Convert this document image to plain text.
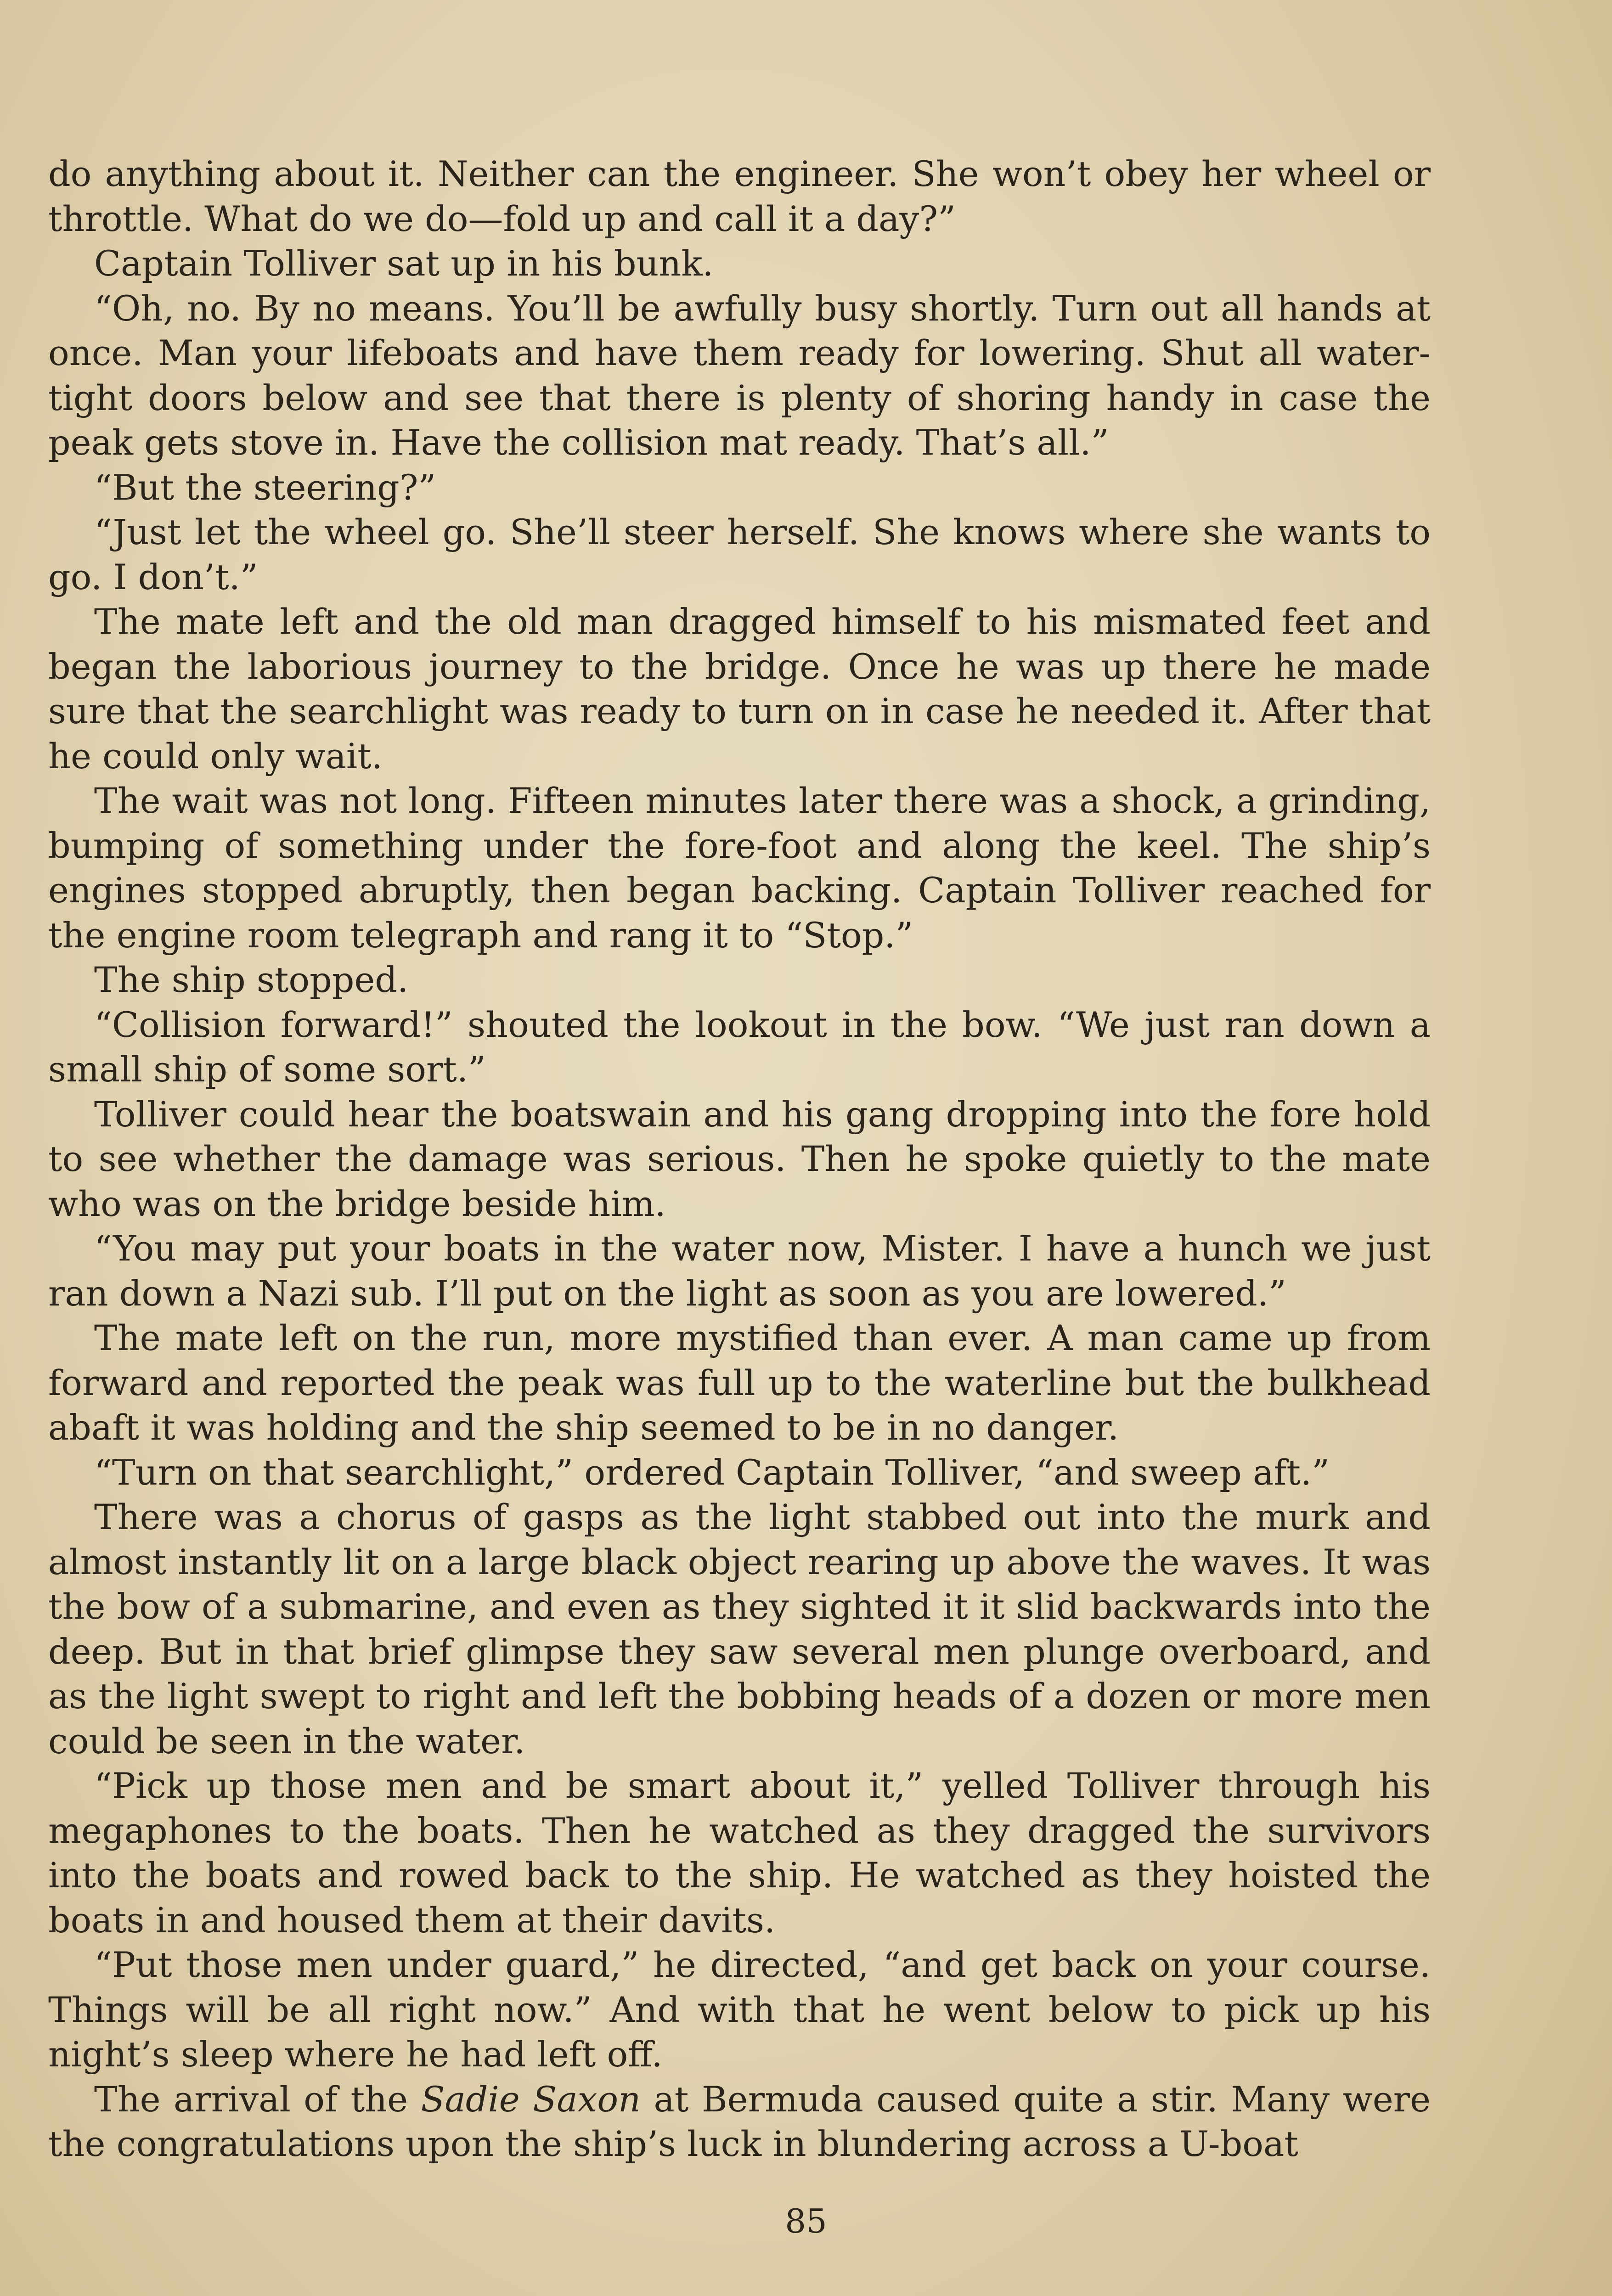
do anything about it. Neither can the engineer. She won’t obey her wheel or throttle. What do we do—fold up and call it a day?”

Captain Tolliver sat up in his bunk.

“Oh, no. By no means. You’ll be awfully busy shortly. Turn out all hands at once. Man your lifeboats and have them ready for lowering. Shut all water-tight doors below and see that there is plenty of shoring handy in case the peak gets stove in. Have the collision mat ready. That’s all.”

“But the steering?”

“Just let the wheel go. She’ll steer herself. She knows where she wants to go. I don’t.”

The mate left and the old man dragged himself to his mismated feet and began the laborious journey to the bridge. Once he was up there he made sure that the searchlight was ready to turn on in case he needed it. After that he could only wait.

The wait was not long. Fifteen minutes later there was a shock, a grinding, bumping of something under the fore-foot and along the keel. The ship’s engines stopped abruptly, then began backing. Captain Tolliver reached for the engine room telegraph and rang it to “Stop.”

The ship stopped.

“Collision forward!” shouted the lookout in the bow. “We just ran down a small ship of some sort.”

Tolliver could hear the boatswain and his gang dropping into the fore hold to see whether the damage was serious. Then he spoke quietly to the mate who was on the bridge beside him.

“You may put your boats in the water now, Mister. I have a hunch we just ran down a Nazi sub. I’ll put on the light as soon as you are lowered.”

The mate left on the run, more mystified than ever. A man came up from forward and reported the peak was full up to the waterline but the bulkhead abaft it was holding and the ship seemed to be in no danger.

“Turn on that searchlight,” ordered Captain Tolliver, “and sweep aft.”

There was a chorus of gasps as the light stabbed out into the murk and almost instantly lit on a large black object rearing up above the waves. It was the bow of a submarine, and even as they sighted it it slid backwards into the deep. But in that brief glimpse they saw several men plunge overboard, and as the light swept to right and left the bobbing heads of a dozen or more men could be seen in the water.

“Pick up those men and be smart about it,” yelled Tolliver through his megaphones to the boats. Then he watched as they dragged the survivors into the boats and rowed back to the ship. He watched as they hoisted the boats in and housed them at their davits.

“Put those men under guard,” he directed, “and get back on your course. Things will be all right now.” And with that he went below to pick up his night’s sleep where he had left off.

The arrival of the Sadie Saxon at Bermuda caused quite a stir. Many were the congratulations upon the ship’s luck in blundering across a U-boat

85
